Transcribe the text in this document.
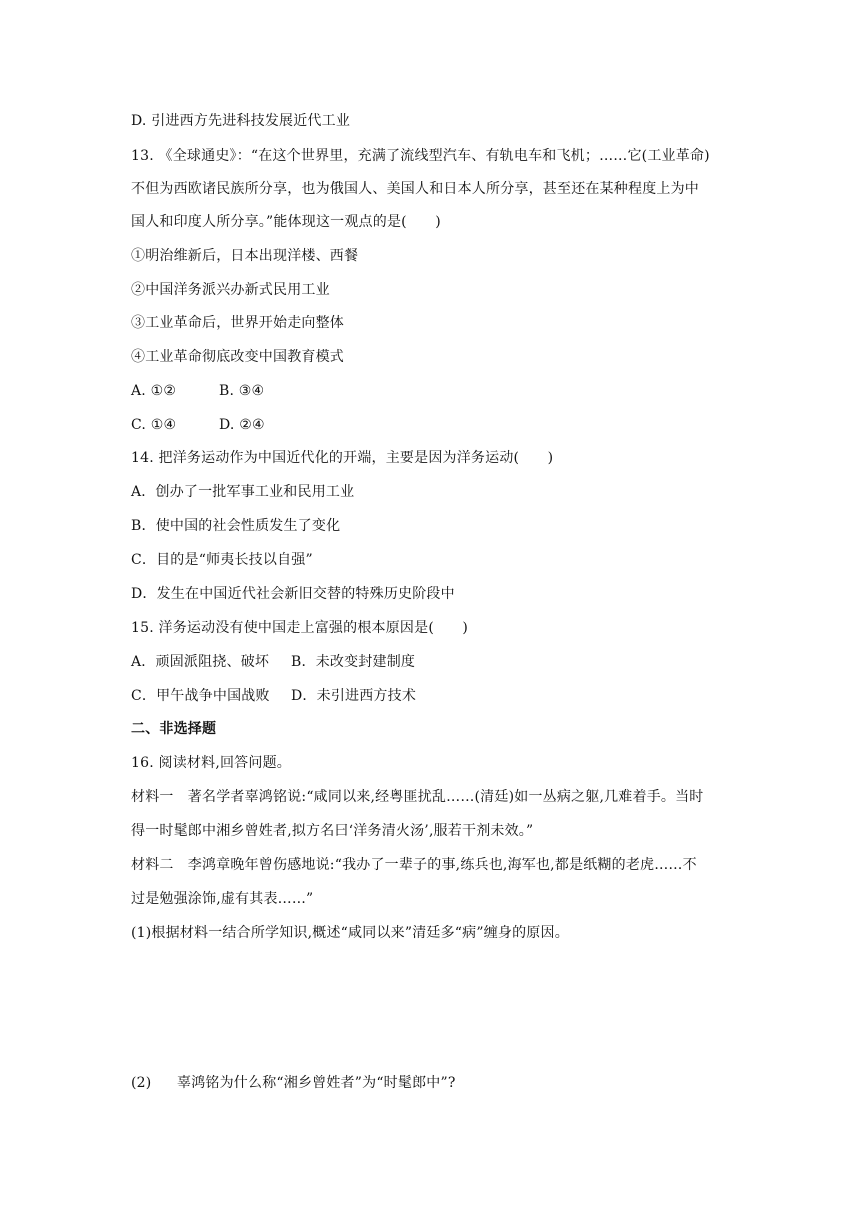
D. 引进西方先进科技发展近代工业
13. 《全球通史》：“在这个世界里，充满了流线型汽车、有轨电车和飞机；……它(工业革命)
不但为西欧诸民族所分享，也为俄国人、美国人和日本人所分享，甚至还在某种程度上为中
国人和印度人所分享。”能体现这一观点的是(　　)
①明治维新后，日本出现洋楼、西餐
②中国洋务派兴办新式民用工业
③工业革命后，世界开始走向整体
④工业革命彻底改变中国教育模式
A. ①②	B. ③④
C. ①④	D. ②④
14. 把洋务运动作为中国近代化的开端，主要是因为洋务运动(　　)
A．创办了一批军事工业和民用工业
B．使中国的社会性质发生了变化
C．目的是“师夷长技以自强”
D．发生在中国近代社会新旧交替的特殊历史阶段中
15. 洋务运动没有使中国走上富强的根本原因是(　　)
A．顽固派阻挠、破坏 B．未改变封建制度
C．甲午战争中国战败 D．未引进西方技术
二、非选择题
16. 阅读材料,回答问题。
材料一　著名学者辜鸿铭说:“咸同以来,经粤匪扰乱……(清廷)如一丛病之躯,几难着手。当时
得一时髦郎中湘乡曾姓者,拟方名曰‘洋务清火汤’,服若干剂未效。”
材料二　李鸿章晚年曾伤感地说:“我办了一辈子的事,练兵也,海军也,都是纸糊的老虎……不
过是勉强涂饰,虚有其表……”
(1)根据材料一结合所学知识,概述“咸同以来”清廷多“病”缠身的原因。
(2) 辜鸿铭为什么称“湘乡曾姓者”为“时髦郎中”?
